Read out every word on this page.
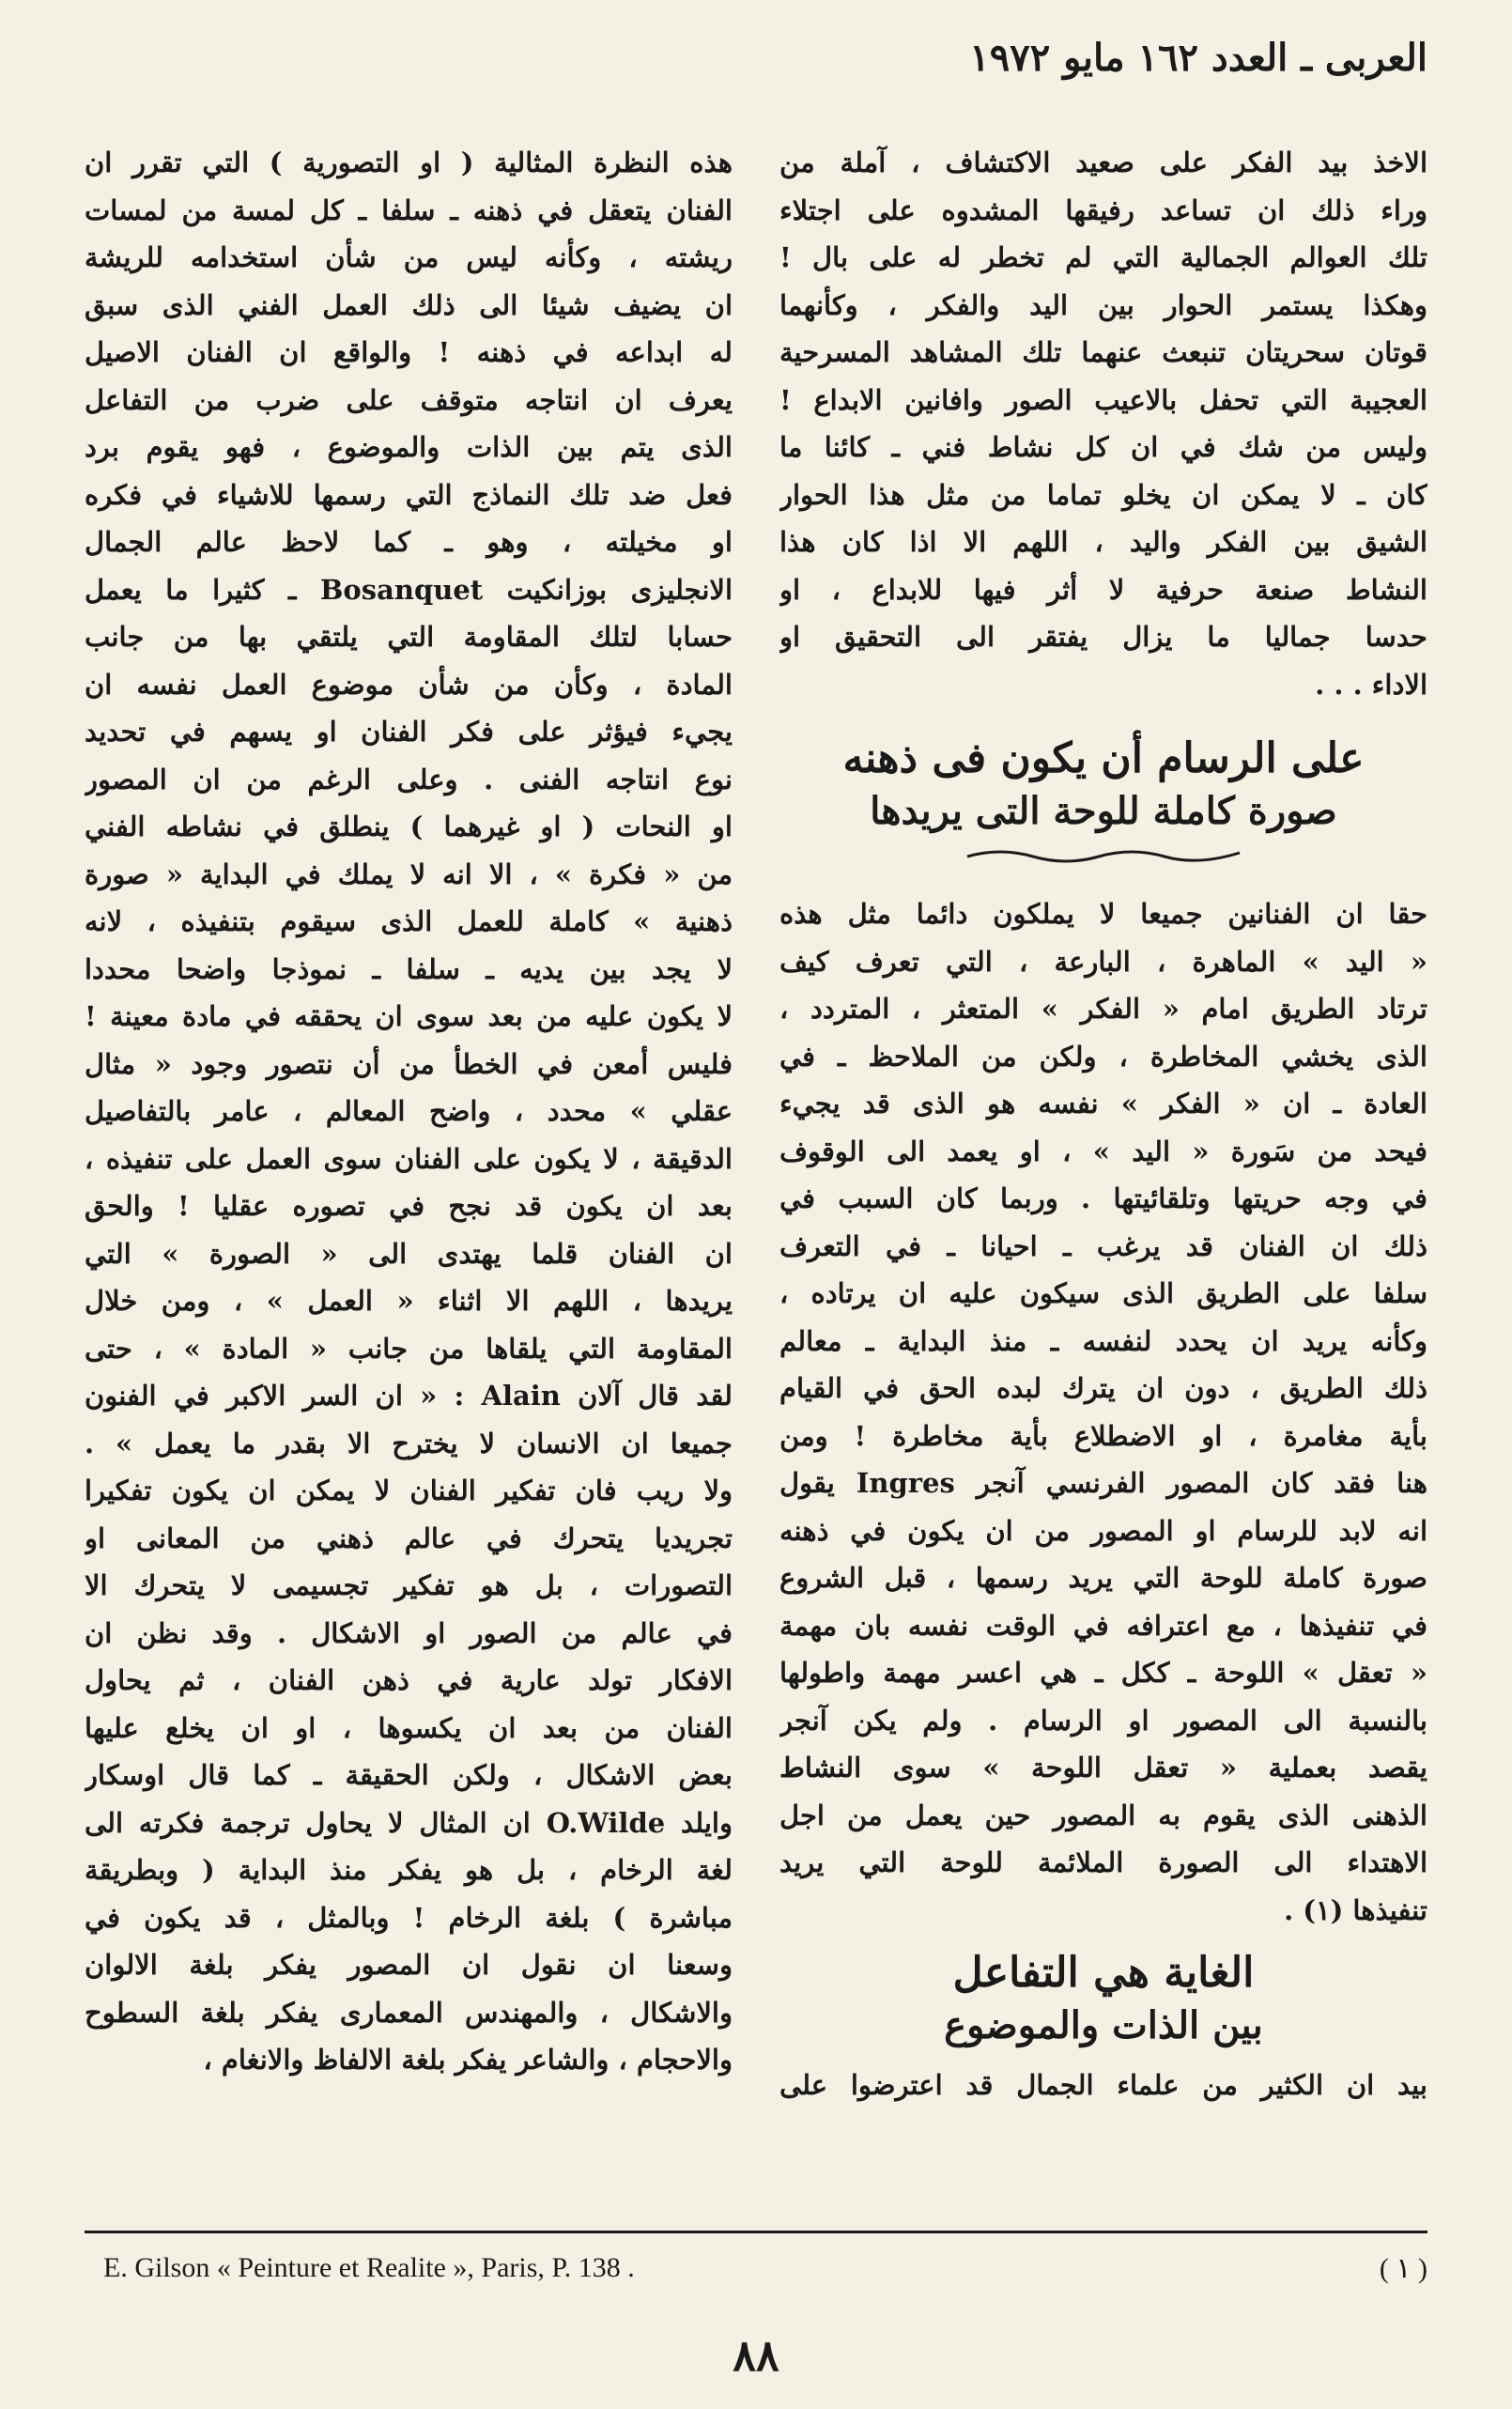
العربى ـ العدد ١٦٢ مايو ١٩٧٢
الاخذ بيد الفكر على صعيد الاكتشاف ، آملة من
وراء ذلك ان تساعد رفيقها المشدوه على اجتلاء
تلك العوالم الجمالية التي لم تخطر له على بال !
وهكذا يستمر الحوار بين اليد والفكر ، وكأنهما
قوتان سحريتان تنبعث عنهما تلك المشاهد المسرحية
العجيبة التي تحفل بالاعيب الصور وافانين الابداع !
وليس من شك في ان كل نشاط فني ـ كائنا ما
كان ـ لا يمكن ان يخلو تماما من مثل هذا الحوار
الشيق بين الفكر واليد ، اللهم الا اذا كان هذا
النشاط صنعة حرفية لا أثر فيها للابداع ، او
حدسا جماليا ما يزال يفتقر الى التحقيق او
الاداء . . .
على الرسام أن يكون فى ذهنه
صورة كاملة للوحة التى يريدها
حقا ان الفنانين جميعا لا يملكون دائما مثل هذه
« اليد » الماهرة ، البارعة ، التي تعرف كيف
ترتاد الطريق امام « الفكر » المتعثر ، المتردد ،
الذى يخشي المخاطرة ، ولكن من الملاحظ ـ في
العادة ـ ان « الفكر » نفسه هو الذى قد يجيء
فيحد من سَورة « اليد » ، او يعمد الى الوقوف
في وجه حريتها وتلقائيتها . وربما كان السبب في
ذلك ان الفنان قد يرغب ـ احيانا ـ في التعرف
سلفا على الطريق الذى سيكون عليه ان يرتاده ،
وكأنه يريد ان يحدد لنفسه ـ منذ البداية ـ معالم
ذلك الطريق ، دون ان يترك لبده الحق في القيام
بأية مغامرة ، او الاضطلاع بأية مخاطرة ! ومن
هنا فقد كان المصور الفرنسي آنجر Ingres يقول
انه لابد للرسام او المصور من ان يكون في ذهنه
صورة كاملة للوحة التي يريد رسمها ، قبل الشروع
في تنفيذها ، مع اعترافه في الوقت نفسه بان مهمة
« تعقل » اللوحة ـ ككل ـ هي اعسر مهمة واطولها
بالنسبة الى المصور او الرسام . ولم يكن آنجر
يقصد بعملية « تعقل اللوحة » سوى النشاط
الذهنى الذى يقوم به المصور حين يعمل من اجل
الاهتداء الى الصورة الملائمة للوحة التي يريد
تنفيذها (١) .
الغاية هي التفاعل
بين الذات والموضوع
بيد ان الكثير من علماء الجمال قد اعترضوا على
هذه النظرة المثالية ( او التصورية ) التي تقرر ان
الفنان يتعقل في ذهنه ـ سلفا ـ كل لمسة من لمسات
ريشته ، وكأنه ليس من شأن استخدامه للريشة
ان يضيف شيئا الى ذلك العمل الفني الذى سبق
له ابداعه في ذهنه ! والواقع ان الفنان الاصيل
يعرف ان انتاجه متوقف على ضرب من التفاعل
الذى يتم بين الذات والموضوع ، فهو يقوم برد
فعل ضد تلك النماذج التي رسمها للاشياء في فكره
او مخيلته ، وهو ـ كما لاحظ عالم الجمال
الانجليزى بوزانكيت Bosanquet ـ كثيرا ما يعمل
حسابا لتلك المقاومة التي يلتقي بها من جانب
المادة ، وكأن من شأن موضوع العمل نفسه ان
يجيء فيؤثر على فكر الفنان او يسهم في تحديد
نوع انتاجه الفنى . وعلى الرغم من ان المصور
او النحات ( او غيرهما ) ينطلق في نشاطه الفني
من « فكرة » ، الا انه لا يملك في البداية « صورة
ذهنية » كاملة للعمل الذى سيقوم بتنفيذه ، لانه
لا يجد بين يديه ـ سلفا ـ نموذجا واضحا محددا
لا يكون عليه من بعد سوى ان يحققه في مادة معينة !
فليس أمعن في الخطأ من أن نتصور وجود « مثال
عقلي » محدد ، واضح المعالم ، عامر بالتفاصيل
الدقيقة ، لا يكون على الفنان سوى العمل على تنفيذه ،
بعد ان يكون قد نجح في تصوره عقليا ! والحق
ان الفنان قلما يهتدى الى « الصورة » التي
يريدها ، اللهم الا اثناء « العمل » ، ومن خلال
المقاومة التي يلقاها من جانب « المادة » ، حتى
لقد قال آلان Alain : « ان السر الاكبر في الفنون
جميعا ان الانسان لا يخترح الا بقدر ما يعمل » .
ولا ريب فان تفكير الفنان لا يمكن ان يكون تفكيرا
تجريديا يتحرك في عالم ذهني من المعانى او
التصورات ، بل هو تفكير تجسيمى لا يتحرك الا
في عالم من الصور او الاشكال . وقد نظن ان
الافكار تولد عارية في ذهن الفنان ، ثم يحاول
الفنان من بعد ان يكسوها ، او ان يخلع عليها
بعض الاشكال ، ولكن الحقيقة ـ كما قال اوسكار
وايلد O.Wilde ان المثال لا يحاول ترجمة فكرته الى
لغة الرخام ، بل هو يفكر منذ البداية ( وبطريقة
مباشرة ) بلغة الرخام ! وبالمثل ، قد يكون في
وسعنا ان نقول ان المصور يفكر بلغة الالوان
والاشكال ، والمهندس المعمارى يفكر بلغة السطوح
والاحجام ، والشاعر يفكر بلغة الالفاظ والانغام ،
E. Gilson « Peinture et Realite », Paris, P. 138 .	( ١ )
٨٨
